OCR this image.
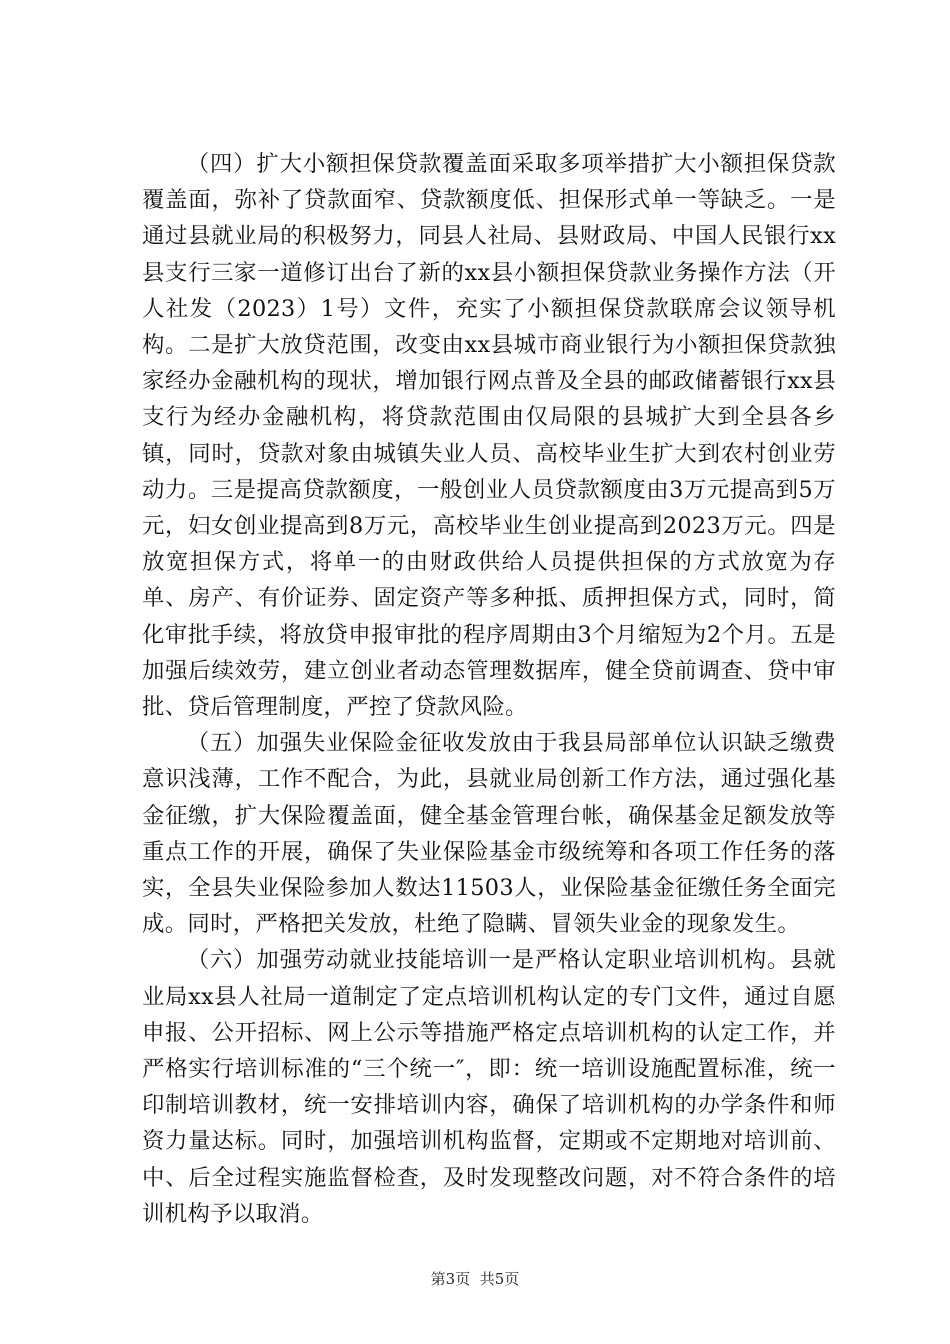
（四）扩大小额担保贷款覆盖面采取多项举措扩大小额担保贷款覆盖面，弥补了贷款面窄、贷款额度低、担保形式单一等缺乏。一是通过县就业局的积极努力，同县人社局、县财政局、中国人民银行xx县支行三家一道修订出台了新的xx县小额担保贷款业务操作方法（开人社发（2023）1号）文件，充实了小额担保贷款联席会议领导机构。二是扩大放贷范围，改变由xx县城市商业银行为小额担保贷款独家经办金融机构的现状，增加银行网点普及全县的邮政储蓄银行xx县支行为经办金融机构，将贷款范围由仅局限的县城扩大到全县各乡镇，同时，贷款对象由城镇失业人员、高校毕业生扩大到农村创业劳动力。三是提高贷款额度，一般创业人员贷款额度由3万元提高到5万元，妇女创业提高到8万元，高校毕业生创业提高到2023万元。四是放宽担保方式，将单一的由财政供给人员提供担保的方式放宽为存单、房产、有价证券、固定资产等多种抵、质押担保方式，同时，简化审批手续，将放贷申报审批的程序周期由3个月缩短为2个月。五是加强后续效劳，建立创业者动态管理数据库，健全贷前调查、贷中审批、贷后管理制度，严控了贷款风险。

（五）加强失业保险金征收发放由于我县局部单位认识缺乏缴费意识浅薄，工作不配合，为此，县就业局创新工作方法，通过强化基金征缴，扩大保险覆盖面，健全基金管理台帐，确保基金足额发放等重点工作的开展，确保了失业保险基金市级统筹和各项工作任务的落实，全县失业保险参加人数达11503人，业保险基金征缴任务全面完成。同时，严格把关发放，杜绝了隐瞒、冒领失业金的现象发生。

（六）加强劳动就业技能培训一是严格认定职业培训机构。县就业局xx县人社局一道制定了定点培训机构认定的专门文件，通过自愿申报、公开招标、网上公示等措施严格定点培训机构的认定工作，并严格实行培训标准的“三个统一″，即：统一培训设施配置标准，统一印制培训教材，统一安排培训内容，确保了培训机构的办学条件和师资力量达标。同时，加强培训机构监督，定期或不定期地对培训前、中、后全过程实施监督检查，及时发现整改问题，对不符合条件的培训机构予以取消。

第3页 共5页
